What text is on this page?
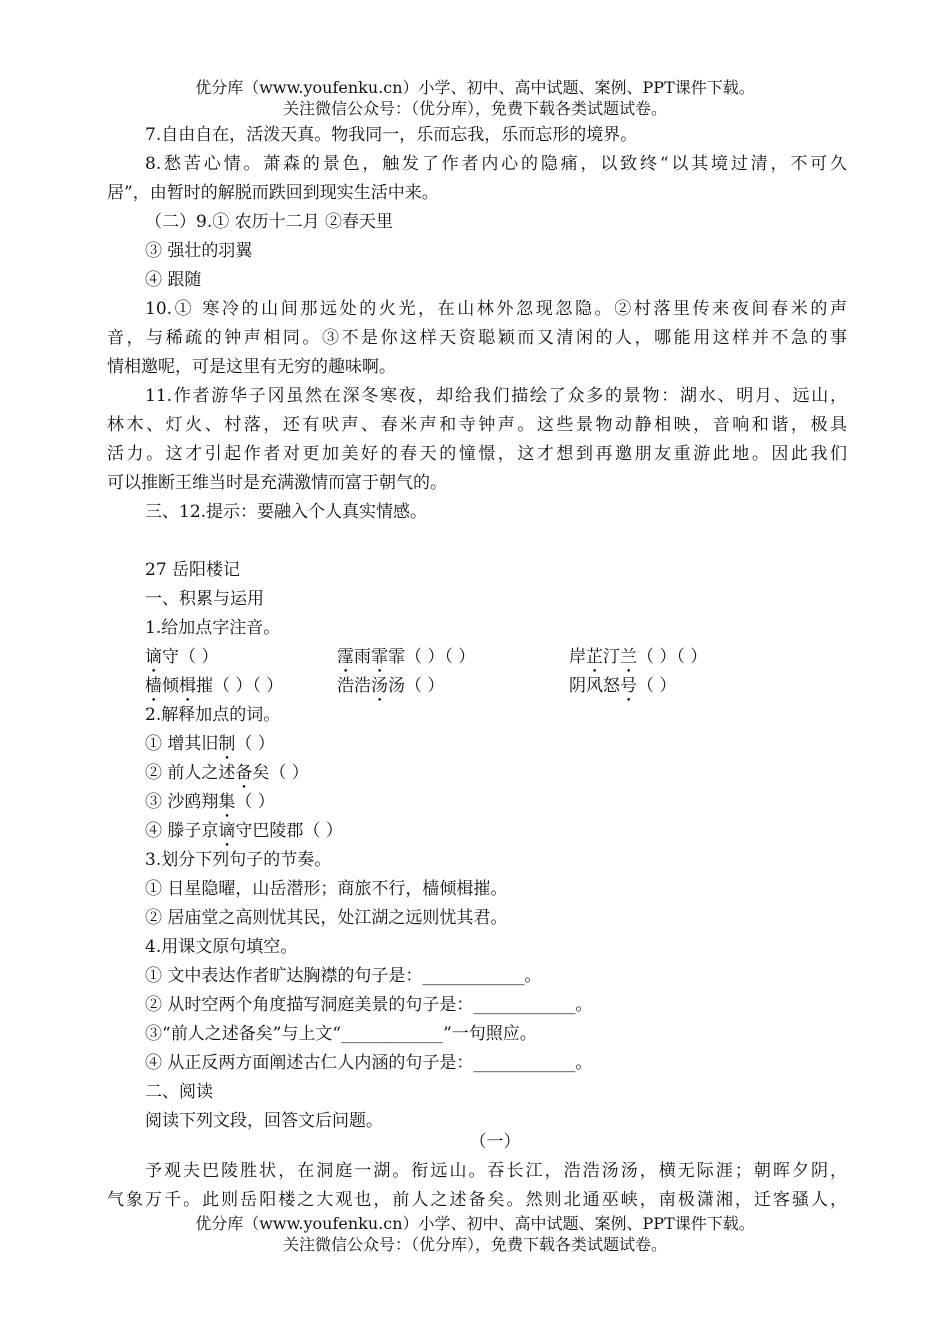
优分库（www.youfenku.cn）小学、初中、高中试题、案例、PPT课件下载。
关注微信公众号：（优分库），免费下载各类试题试卷。
7.自由自在，活泼天真。物我同一，乐而忘我，乐而忘形的境界。
8.愁苦心情。萧森的景色，触发了作者内心的隐痛，以致终“以其境过清，不可久
居”，由暂时的解脱而跌回到现实生活中来。
（二）9.① 农历十二月 ②春天里
③ 强壮的羽翼
④ 跟随
10.① 寒冷的山间那远处的火光，在山林外忽现忽隐。②村落里传来夜间春米的声
音，与稀疏的钟声相同。③不是你这样天资聪颖而又清闲的人，哪能用这样并不急的事
情相邀呢，可是这里有无穷的趣味啊。
11.作者游华子冈虽然在深冬寒夜，却给我们描绘了众多的景物：湖水、明月、远山，
林木、灯火、村落，还有吠声、春米声和寺钟声。这些景物动静相映，音响和谐，极具
活力。这才引起作者对更加美好的春天的憧憬，这才想到再邀朋友重游此地。因此我们
可以推断王维当时是充满激情而富于朝气的。
三、12.提示：要融入个人真实情感。
27 岳阳楼记
一、积累与运用
1.给加点字注音。
谪守（ ）	霪雨霏霏（ ）（ ）	岸芷汀兰（ ）（ ）
樯倾楫摧（ ）（ ）	浩浩汤汤（ ）	阴风怒号（ ）
2.解释加点的词。
① 增其旧制（ ）
② 前人之述备矣（ ）
③ 沙鸥翔集（ ）
④ 滕子京谪守巴陵郡（ ）
3.划分下列句子的节奏。
① 日星隐曜，山岳潜形；商旅不行，樯倾楫摧。
② 居庙堂之高则忧其民，处江湖之远则忧其君。
4.用课文原句填空。
① 文中表达作者旷达胸襟的句子是：____________。
② 从时空两个角度描写洞庭美景的句子是：____________。
③“前人之述备矣”与上文“____________”一句照应。
④ 从正反两方面阐述古仁人内涵的句子是：____________。
二、阅读
阅读下列文段，回答文后问题。
（一）
予观夫巴陵胜状，在洞庭一湖。衔远山。吞长江，浩浩汤汤，横无际涯；朝晖夕阴，
气象万千。此则岳阳楼之大观也，前人之述备矣。然则北通巫峡，南极潇湘，迁客骚人，
优分库（www.youfenku.cn）小学、初中、高中试题、案例、PPT课件下载。
关注微信公众号：（优分库），免费下载各类试题试卷。
